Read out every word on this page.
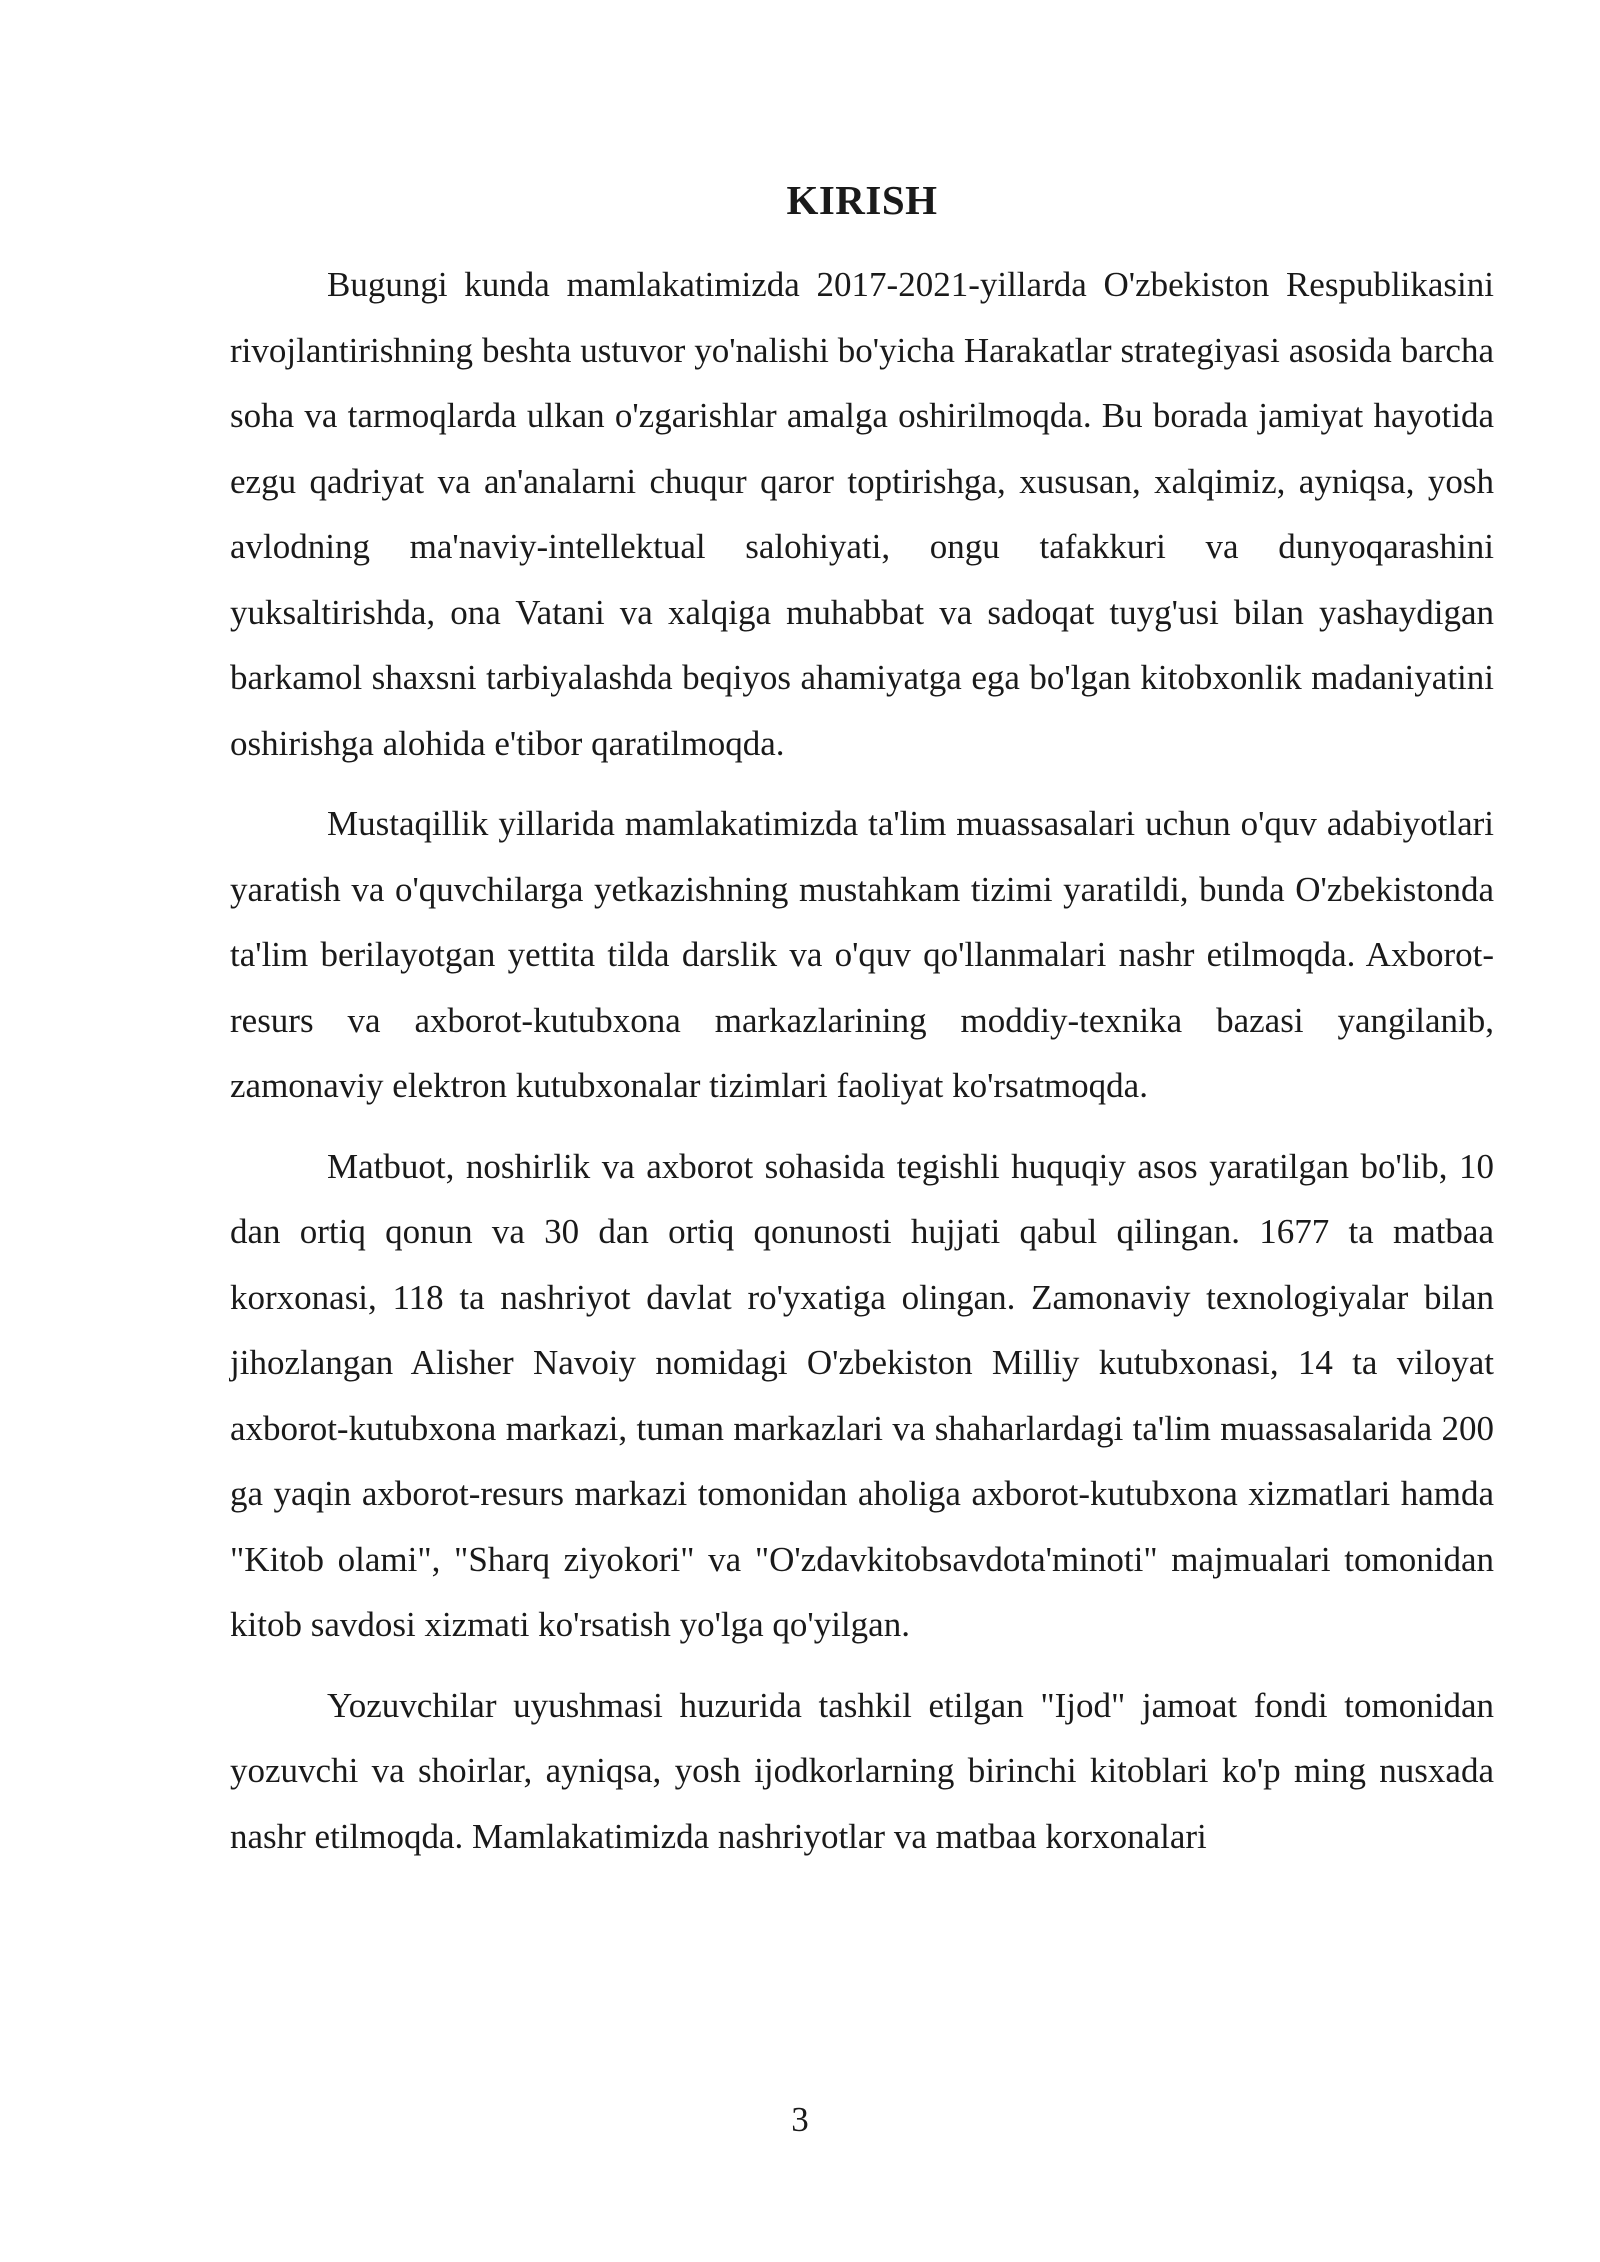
KIRISH

Bugungi kunda mamlakatimizda 2017-2021-yillarda O'zbekiston Respublikasini rivojlantirishning beshta ustuvor yo'nalishi bo'yicha Harakatlar strategiyasi asosida barcha soha va tarmoqlarda ulkan o'zgarishlar amalga oshirilmoqda. Bu borada jamiyat hayotida ezgu qadriyat va an'analarni chuqur qaror toptirishga, xususan, xalqimiz, ayniqsa, yosh avlodning ma'naviy-intellektual salohiyati, ongu tafakkuri va dunyoqarashini yuksaltirishda, ona Vatani va xalqiga muhabbat va sadoqat tuyg'usi bilan yashaydigan barkamol shaxsni tarbiyalashda beqiyos ahamiyatga ega bo'lgan kitobxonlik madaniyatini oshirishga alohida e'tibor qaratilmoqda.

Mustaqillik yillarida mamlakatimizda ta'lim muassasalari uchun o'quv adabiyotlari yaratish va o'quvchilarga yetkazishning mustahkam tizimi yaratildi, bunda O'zbekistonda ta'lim berilayotgan yettita tilda darslik va o'quv qo'llanmalari nashr etilmoqda. Axborot-resurs va axborot-kutubxona markazlarining moddiy-texnika bazasi yangilanib, zamonaviy elektron kutubxonalar tizimlari faoliyat ko'rsatmoqda.

Matbuot, noshirlik va axborot sohasida tegishli huquqiy asos yaratilgan bo'lib, 10 dan ortiq qonun va 30 dan ortiq qonunosti hujjati qabul qilingan. 1677 ta matbaa korxonasi, 118 ta nashriyot davlat ro'yxatiga olingan. Zamonaviy texnologiyalar bilan jihozlangan Alisher Navoiy nomidagi O'zbekiston Milliy kutubxonasi, 14 ta viloyat axborot-kutubxona markazi, tuman markazlari va shaharlardagi ta'lim muassasalarida 200 ga yaqin axborot-resurs markazi tomonidan aholiga axborot-kutubxona xizmatlari hamda "Kitob olami", "Sharq ziyokori" va "O'zdavkitobsavdota'minoti" majmualari tomonidan kitob savdosi xizmati ko'rsatish yo'lga qo'yilgan.

Yozuvchilar uyushmasi huzurida tashkil etilgan "Ijod" jamoat fondi tomonidan yozuvchi va shoirlar, ayniqsa, yosh ijodkorlarning birinchi kitoblari ko'p ming nusxada nashr etilmoqda. Mamlakatimizda nashriyotlar va matbaa korxonalari

3
